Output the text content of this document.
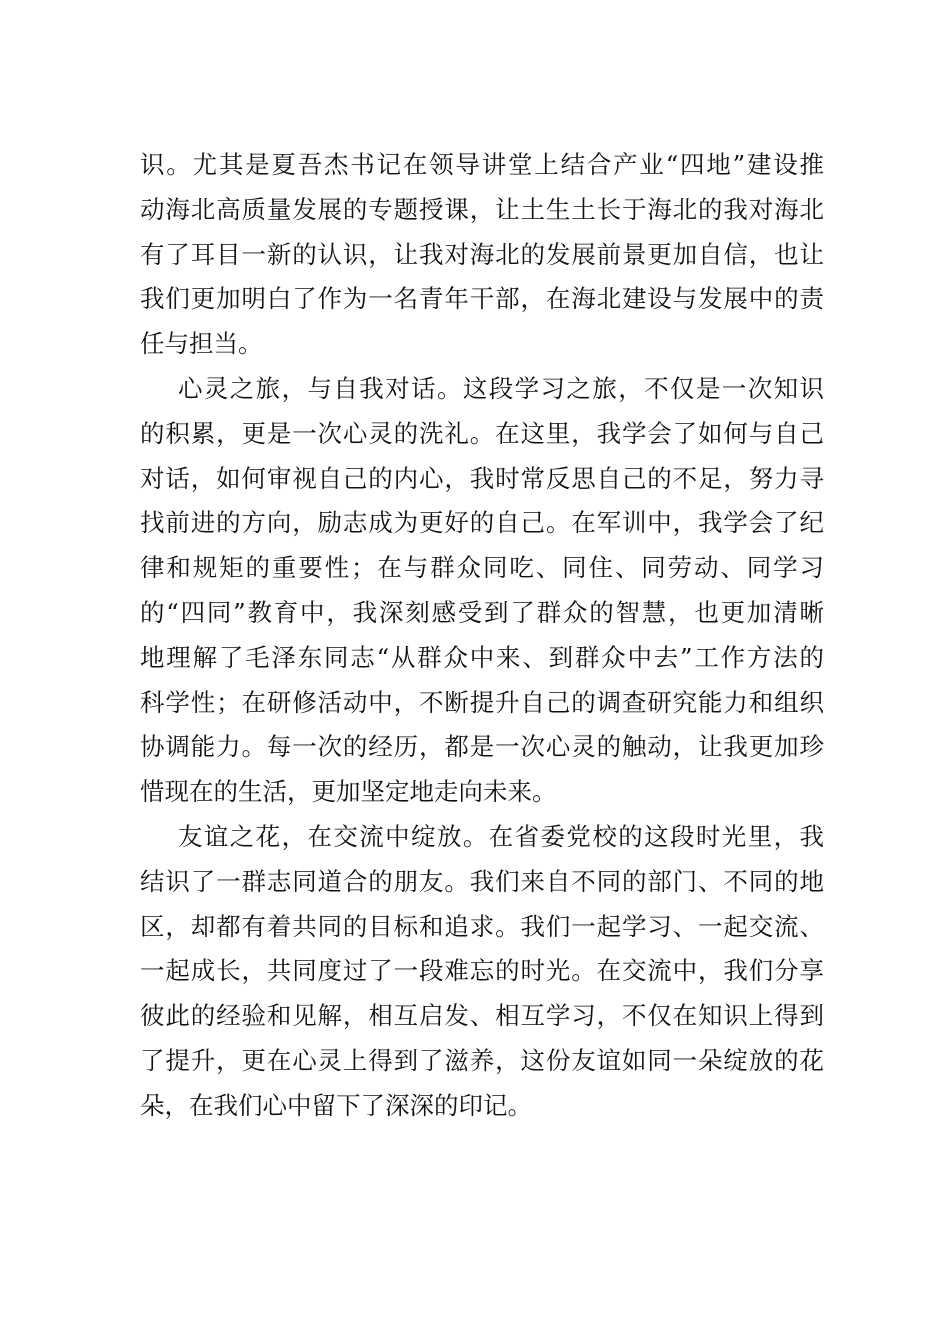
识。尤其是夏吾杰书记在领导讲堂上结合产业“四地”建设推
动海北高质量发展的专题授课，让土生土长于海北的我对海北
有了耳目一新的认识，让我对海北的发展前景更加自信，也让
我们更加明白了作为一名青年干部，在海北建设与发展中的责
任与担当。
心灵之旅，与自我对话。这段学习之旅，不仅是一次知识
的积累，更是一次心灵的洗礼。在这里，我学会了如何与自己
对话，如何审视自己的内心，我时常反思自己的不足，努力寻
找前进的方向，励志成为更好的自己。在军训中，我学会了纪
律和规矩的重要性；在与群众同吃、同住、同劳动、同学习
的“四同”教育中，我深刻感受到了群众的智慧，也更加清晰
地理解了毛泽东同志“从群众中来、到群众中去”工作方法的
科学性；在研修活动中，不断提升自己的调查研究能力和组织
协调能力。每一次的经历，都是一次心灵的触动，让我更加珍
惜现在的生活，更加坚定地走向未来。
友谊之花，在交流中绽放。在省委党校的这段时光里，我
结识了一群志同道合的朋友。我们来自不同的部门、不同的地
区，却都有着共同的目标和追求。我们一起学习、一起交流、
一起成长，共同度过了一段难忘的时光。在交流中，我们分享
彼此的经验和见解，相互启发、相互学习，不仅在知识上得到
了提升，更在心灵上得到了滋养，这份友谊如同一朵绽放的花
朵，在我们心中留下了深深的印记。
